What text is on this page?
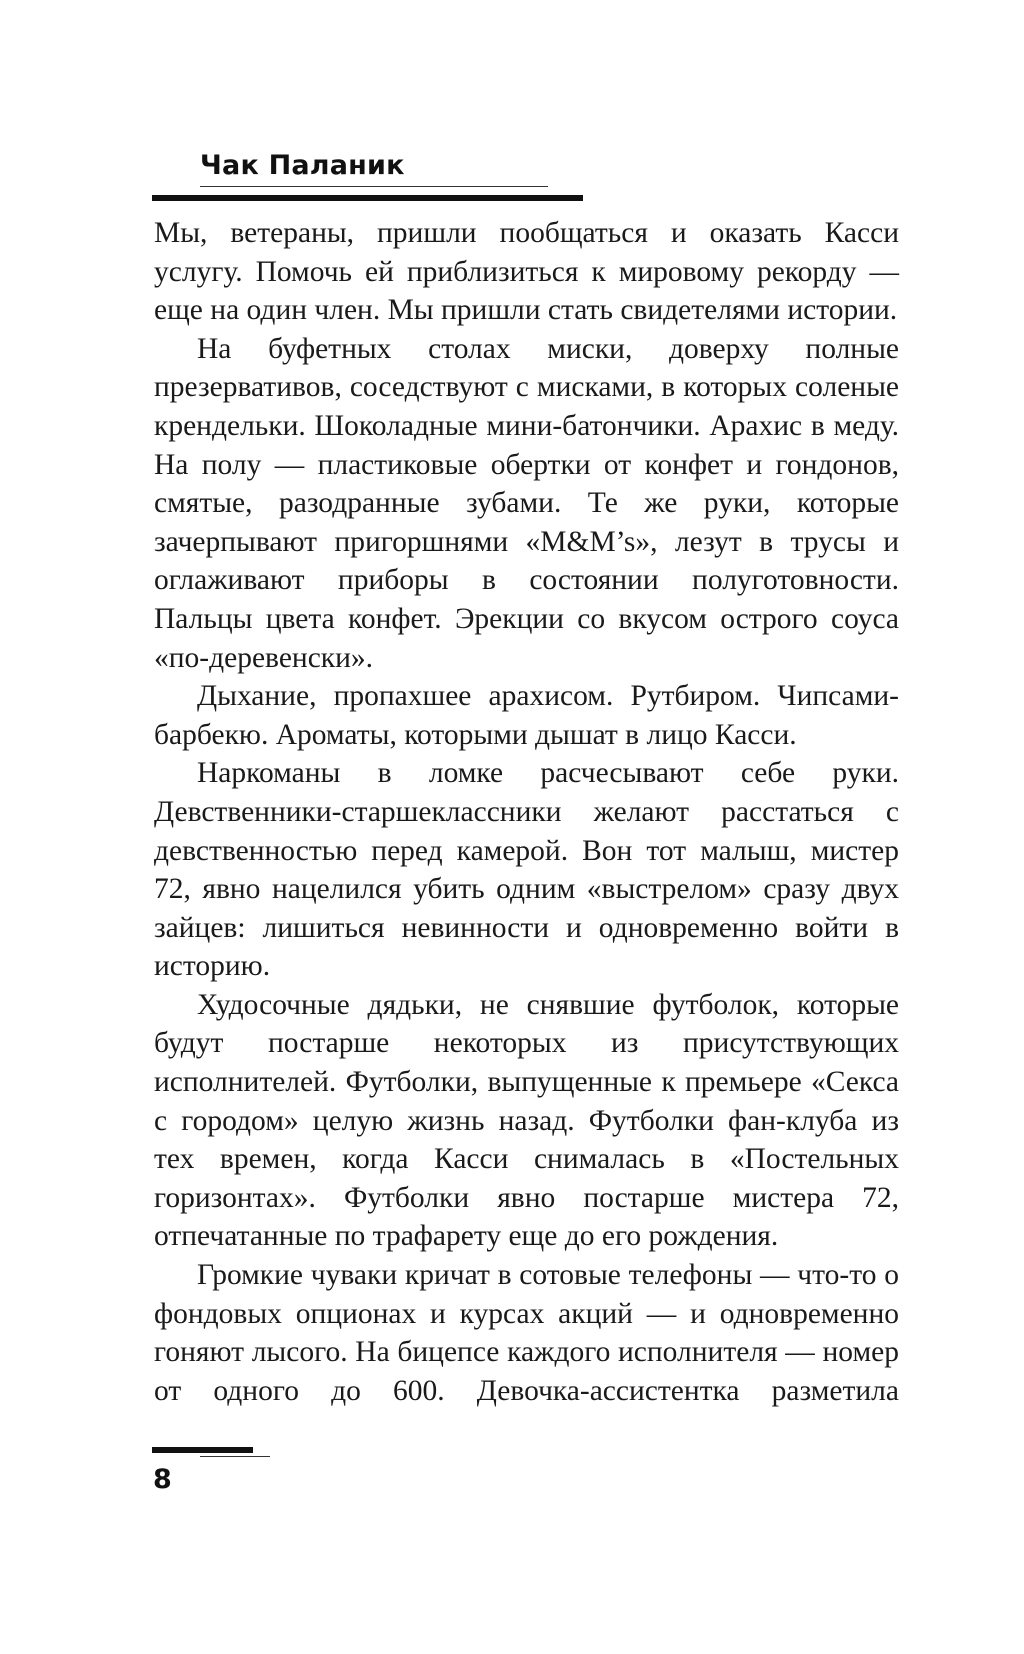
Чак Паланик

Мы, ветераны, пришли пообщаться и оказать Касси услугу. Помочь ей приблизиться к мировому рекорду — еще на один член. Мы пришли стать свидетелями истории.

На буфетных столах миски, доверху полные презервативов, соседствуют с мисками, в которых соленые крендельки. Шоколадные мини-батончики. Арахис в меду. На полу — пластиковые обертки от конфет и гондонов, смятые, разодранные зубами. Те же руки, которые зачерпывают пригоршнями «M&M’s», лезут в трусы и оглаживают приборы в состоянии полуготовности. Пальцы цвета конфет. Эрекции со вкусом острого соуса «по-деревенски».

Дыхание, пропахшее арахисом. Рутбиром. Чипсами-барбекю. Ароматы, которыми дышат в лицо Касси.

Наркоманы в ломке расчесывают себе руки. Девственники-старшеклассники желают расстаться с девственностью перед камерой. Вон тот малыш, мистер 72, явно нацелился убить одним «выстрелом» сразу двух зайцев: лишиться невинности и одновременно войти в историю.

Худосочные дядьки, не снявшие футболок, которые будут постарше некоторых из присутствующих исполнителей. Футболки, выпущенные к премьере «Секса с городом» целую жизнь назад. Футболки фан-клуба из тех времен, когда Касси снималась в «Постельных горизонтах». Футболки явно постарше мистера 72, отпечатанные по трафарету еще до его рождения.

Громкие чуваки кричат в сотовые телефоны — что-то о фондовых опционах и курсах акций — и одновременно гоняют лысого. На бицепсе каждого исполнителя — номер от одного до 600. Девочка-ассистентка разметила

8
